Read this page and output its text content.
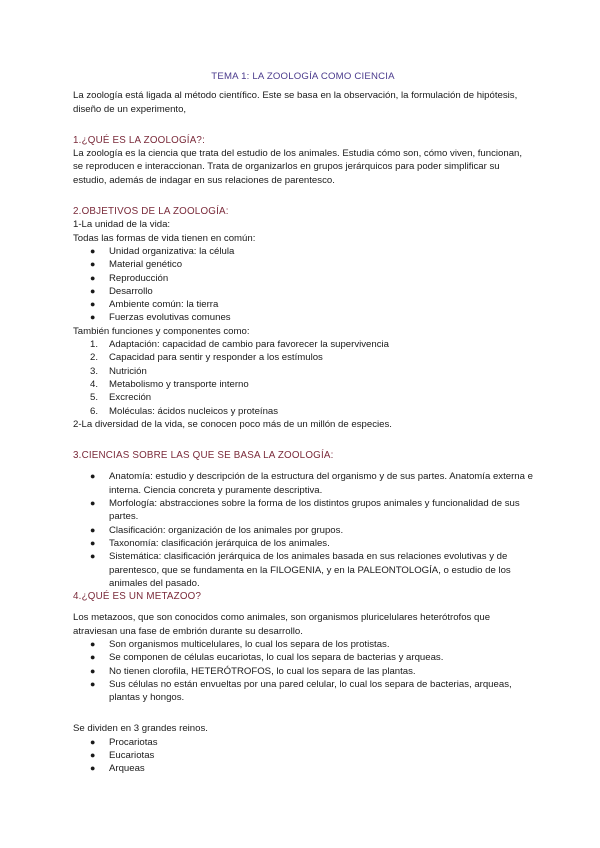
TEMA 1: LA ZOOLOGÍA COMO CIENCIA

La zoología está ligada al método científico. Este se basa en la observación, la formulación de hipótesis, diseño de un experimento,

1.¿QUÉ ES LA ZOOLOGÍA?:

La zoología es la ciencia que trata del estudio de los animales. Estudia cómo son, cómo viven, funcionan, se reproducen e interaccionan. Trata de organizarlos en grupos jerárquicos para poder simplificar su estudio, además de indagar en sus relaciones de parentesco.

2.OBJETIVOS DE LA ZOOLOGÍA:

1-La unidad de la vida:

Todas las formas de vida tienen en común:

● Unidad organizativa: la célula
● Material genético
● Reproducción
● Desarrollo
● Ambiente común: la tierra
● Fuerzas evolutivas comunes

También funciones y componentes como:

1.	Adaptación: capacidad de cambio para favorecer la supervivencia
2.	Capacidad para sentir y responder a los estímulos
3.	Nutrición
4.	Metabolismo y transporte interno
5.	Excreción
6.	Moléculas: ácidos nucleicos y proteínas

2-La diversidad de la vida, se conocen poco más de un millón de especies.

3.CIENCIAS SOBRE LAS QUE SE BASA LA ZOOLOGÍA:
● Anatomía: estudio y descripción de la estructura del organismo y de sus partes. Anatomía externa e interna. Ciencia concreta y puramente descriptiva.
● Morfología: abstracciones sobre la forma de los distintos grupos animales y funcionalidad de sus partes.
● Clasificación: organización de los animales por grupos.
● Taxonomía: clasificación jerárquica de los animales.
● Sistemática: clasificación jerárquica de los animales basada en sus relaciones evolutivas y de parentesco, que se fundamenta en la FILOGENIA, y en la PALEONTOLOGÍA, o estudio de los animales del pasado.
4.¿QUÉ ES UN METAZOO?

Los metazoos, que son conocidos como animales, son organismos pluricelulares heterótrofos que atraviesan una fase de embrión durante su desarrollo.

● Son organismos multicelulares, lo cual los separa de los protistas.
● Se componen de células eucariotas, lo cual los separa de bacterias y arqueas.
● No tienen clorofila, HETERÓTROFOS, lo cual los separa de las plantas.
● Sus células no están envueltas por una pared celular, lo cual los separa de bacterias, arqueas, plantas y hongos.

Se dividen en 3 grandes reinos.

● Procariotas
● Eucariotas
● Arqueas
